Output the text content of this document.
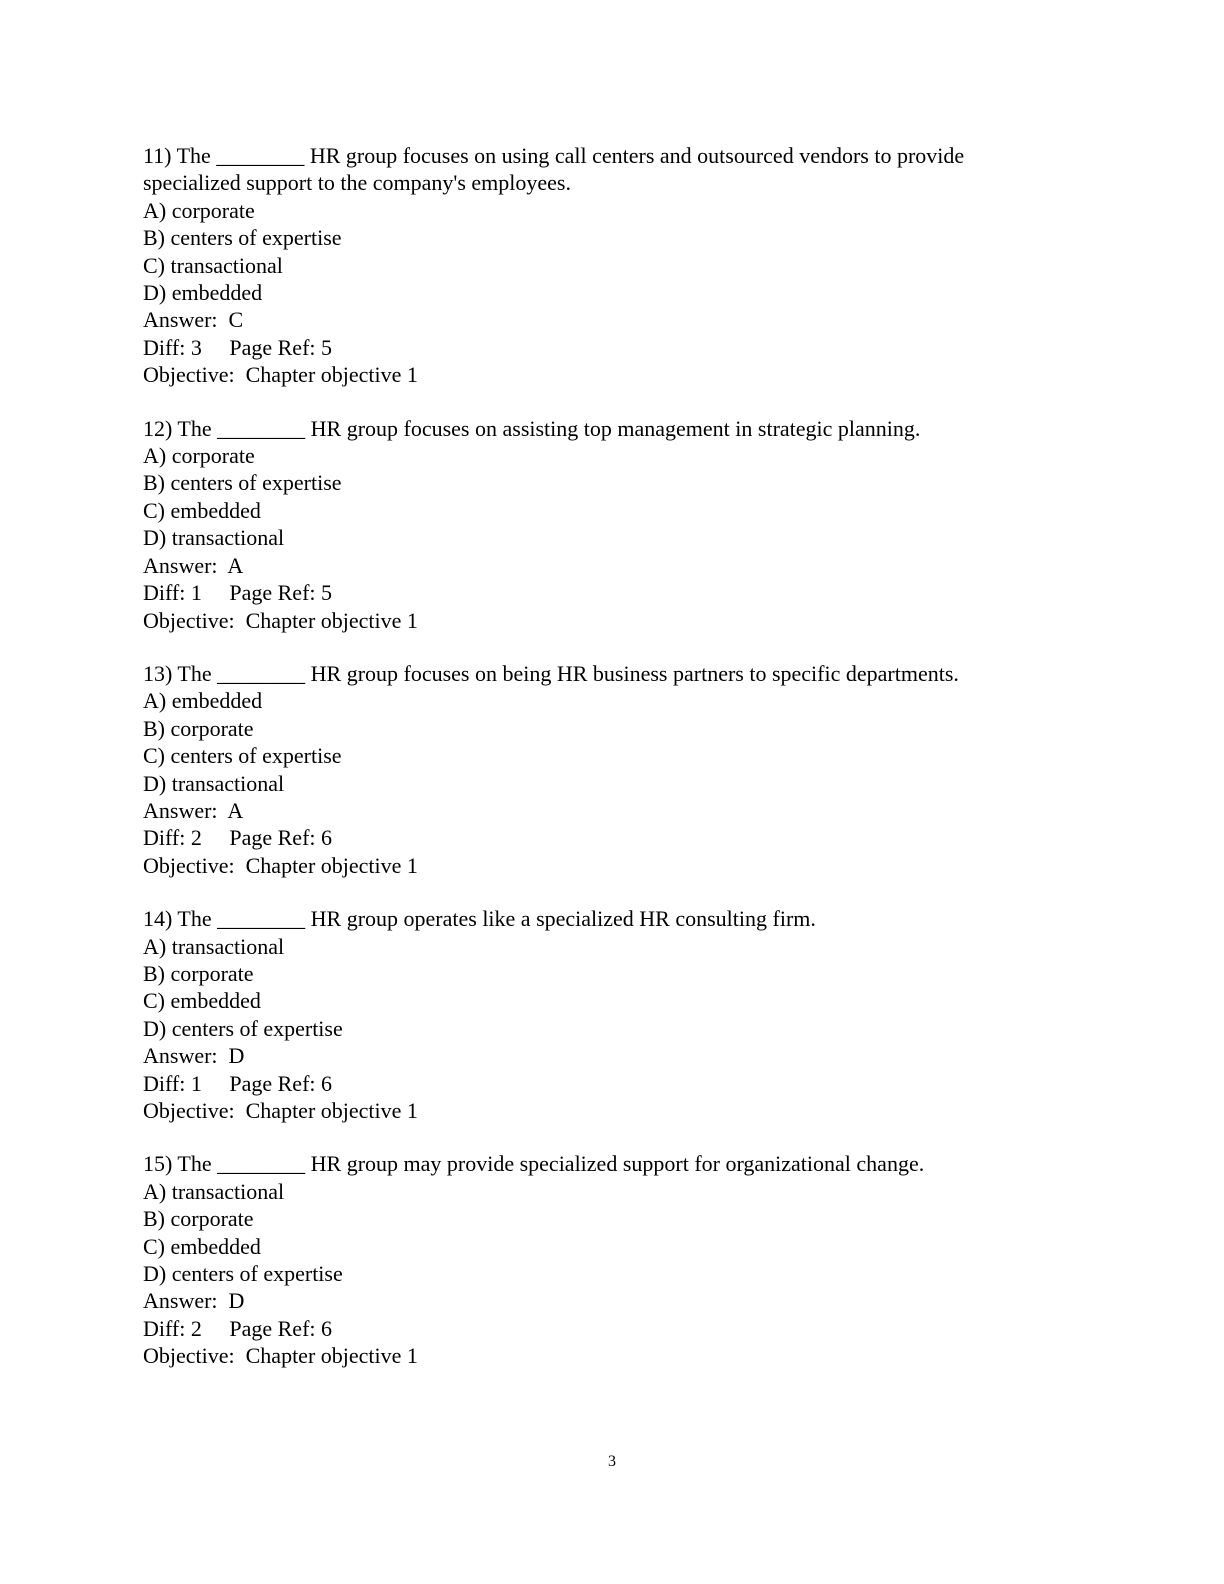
11) The ________ HR group focuses on using call centers and outsourced vendors to provide
specialized support to the company's employees.
A) corporate
B) centers of expertise
C) transactional
D) embedded
Answer:  C
Diff: 3     Page Ref: 5
Objective:  Chapter objective 1
12) The ________ HR group focuses on assisting top management in strategic planning.
A) corporate
B) centers of expertise
C) embedded
D) transactional
Answer:  A
Diff: 1     Page Ref: 5
Objective:  Chapter objective 1
13) The ________ HR group focuses on being HR business partners to specific departments.
A) embedded
B) corporate
C) centers of expertise
D) transactional
Answer:  A
Diff: 2     Page Ref: 6
Objective:  Chapter objective 1
14) The ________ HR group operates like a specialized HR consulting firm.
A) transactional
B) corporate
C) embedded
D) centers of expertise
Answer:  D
Diff: 1     Page Ref: 6
Objective:  Chapter objective 1
15) The ________ HR group may provide specialized support for organizational change.
A) transactional
B) corporate
C) embedded
D) centers of expertise
Answer:  D
Diff: 2     Page Ref: 6
Objective:  Chapter objective 1
3
